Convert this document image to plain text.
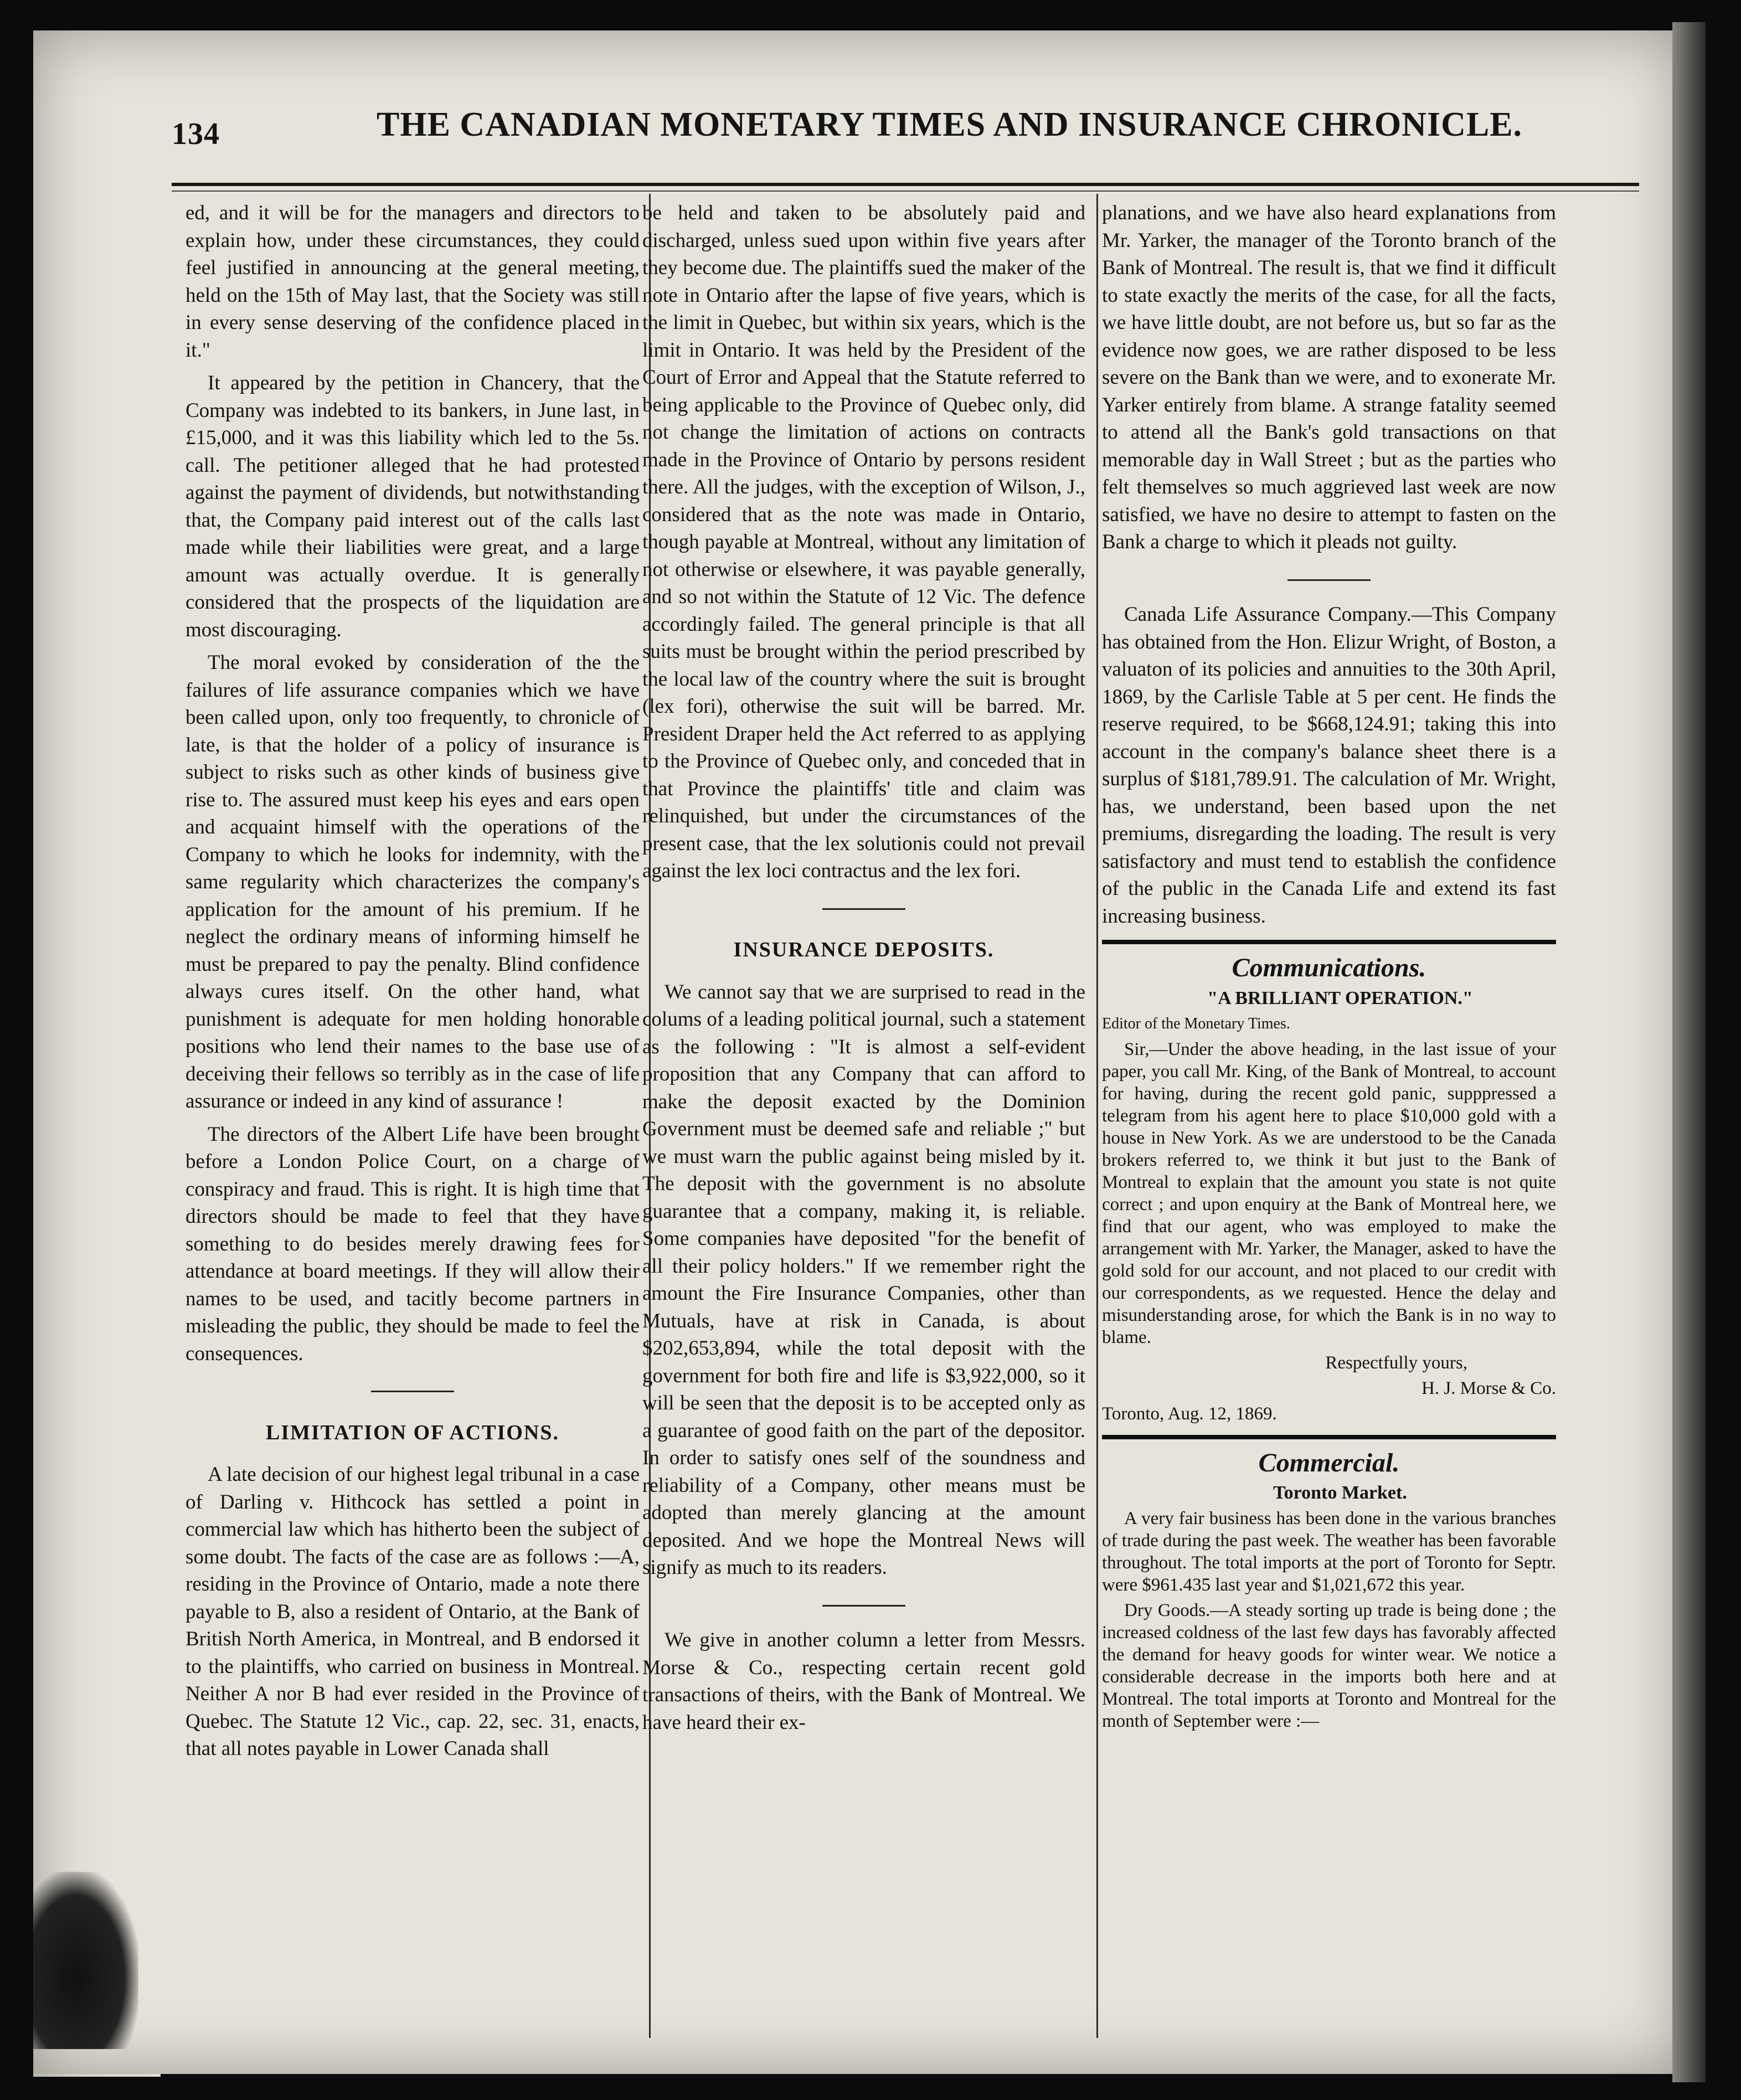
134	THE CANADIAN MONETARY TIMES AND INSURANCE CHRONICLE.

ed, and it will be for the managers and directors to explain how, under these circumstances, they could feel justified in announcing at the general meeting, held on the 15th of May last, that the Society was still in every sense deserving of the confidence placed in it."

It appeared by the petition in Chancery, that the Company was indebted to its bankers, in June last, in £15,000, and it was this liability which led to the 5s. call. The petitioner alleged that he had protested against the payment of dividends, but notwithstanding that, the Company paid interest out of the calls last made while their liabilities were great, and a large amount was actually overdue. It is generally considered that the prospects of the liquidation are most discouraging.

The moral evoked by consideration of the the failures of life assurance companies which we have been called upon, only too frequently, to chronicle of late, is that the holder of a policy of insurance is subject to risks such as other kinds of business give rise to. The assured must keep his eyes and ears open and acquaint himself with the operations of the Company to which he looks for indemnity, with the same regularity which characterizes the company's application for the amount of his premium. If he neglect the ordinary means of informing himself he must be prepared to pay the penalty. Blind confidence always cures itself. On the other hand, what punishment is adequate for men holding honorable positions who lend their names to the base use of deceiving their fellows so terribly as in the case of life assurance or indeed in any kind of assurance !

The directors of the Albert Life have been brought before a London Police Court, on a charge of conspiracy and fraud. This is right. It is high time that directors should be made to feel that they have something to do besides merely drawing fees for attendance at board meetings. If they will allow their names to be used, and tacitly become partners in misleading the public, they should be made to feel the consequences.

LIMITATION OF ACTIONS.

A late decision of our highest legal tribunal in a case of Darling v. Hithcock has settled a point in commercial law which has hitherto been the subject of some doubt. The facts of the case are as follows :—A, residing in the Province of Ontario, made a note there payable to B, also a resident of Ontario, at the Bank of British North America, in Montreal, and B endorsed it to the plaintiffs, who carried on business in Montreal. Neither A nor B had ever resided in the Province of Quebec. The Statute 12 Vic., cap. 22, sec. 31, enacts, that all notes payable in Lower Canada shall

be held and taken to be absolutely paid and discharged, unless sued upon within five years after they become due. The plaintiffs sued the maker of the note in Ontario after the lapse of five years, which is the limit in Quebec, but within six years, which is the limit in Ontario. It was held by the President of the Court of Error and Appeal that the Statute referred to being applicable to the Province of Quebec only, did not change the limitation of actions on contracts made in the Province of Ontario by persons resident there. All the judges, with the exception of Wilson, J., considered that as the note was made in Ontario, though payable at Montreal, without any limitation of not otherwise or elsewhere, it was payable generally, and so not within the Statute of 12 Vic. The defence accordingly failed. The general principle is that all suits must be brought within the period prescribed by the local law of the country where the suit is brought (lex fori), otherwise the suit will be barred. Mr. President Draper held the Act referred to as applying to the Province of Quebec only, and conceded that in that Province the plaintiffs' title and claim was relinquished, but under the circumstances of the present case, that the lex solutionis could not prevail against the lex loci contractus and the lex fori.

INSURANCE DEPOSITS.

We cannot say that we are surprised to read in the colums of a leading political journal, such a statement as the following : "It is almost a self-evident proposition that any Company that can afford to make the deposit exacted by the Dominion Government must be deemed safe and reliable ;" but we must warn the public against being misled by it. The deposit with the government is no absolute guarantee that a company, making it, is reliable. Some companies have deposited "for the benefit of all their policy holders." If we remember right the amount the Fire Insurance Companies, other than Mutuals, have at risk in Canada, is about $202,653,894, while the total deposit with the government for both fire and life is $3,922,000, so it will be seen that the deposit is to be accepted only as a guarantee of good faith on the part of the depositor. In order to satisfy ones self of the soundness and reliability of a Company, other means must be adopted than merely glancing at the amount deposited. And we hope the Montreal News will signify as much to its readers.

We give in another column a letter from Messrs. Morse & Co., respecting certain recent gold transactions of theirs, with the Bank of Montreal. We have heard their ex-

planations, and we have also heard explanations from Mr. Yarker, the manager of the Toronto branch of the Bank of Montreal. The result is, that we find it difficult to state exactly the merits of the case, for all the facts, we have little doubt, are not before us, but so far as the evidence now goes, we are rather disposed to be less severe on the Bank than we were, and to exonerate Mr. Yarker entirely from blame. A strange fatality seemed to attend all the Bank's gold transactions on that memorable day in Wall Street ; but as the parties who felt themselves so much aggrieved last week are now satisfied, we have no desire to attempt to fasten on the Bank a charge to which it pleads not guilty.

Canada Life Assurance Company.—This Company has obtained from the Hon. Elizur Wright, of Boston, a valuaton of its policies and annuities to the 30th April, 1869, by the Carlisle Table at 5 per cent. He finds the reserve required, to be $668,124.91; taking this into account in the company's balance sheet there is a surplus of $181,789.91. The calculation of Mr. Wright, has, we understand, been based upon the net premiums, disregarding the loading. The result is very satisfactory and must tend to establish the confidence of the public in the Canada Life and extend its fast increasing business.

Communications.

"A BRILLIANT OPERATION."

Editor of the Monetary Times.

Sir,—Under the above heading, in the last issue of your paper, you call Mr. King, of the Bank of Montreal, to account for having, during the recent gold panic, supppressed a telegram from his agent here to place $10,000 gold with a house in New York. As we are understood to be the Canada brokers referred to, we think it but just to the Bank of Montreal to explain that the amount you state is not quite correct ; and upon enquiry at the Bank of Montreal here, we find that our agent, who was employed to make the arrangement with Mr. Yarker, the Manager, asked to have the gold sold for our account, and not placed to our credit with our correspondents, as we requested. Hence the delay and misunderstanding arose, for which the Bank is in no way to blame.

Respectfully yours,

H. J. Morse & Co.

Toronto, Aug. 12, 1869.

Commercial.

Toronto Market.

A very fair business has been done in the various branches of trade during the past week. The weather has been favorable throughout. The total imports at the port of Toronto for Septr. were $961.435 last year and $1,021,672 this year.

Dry Goods.—A steady sorting up trade is being done ; the increased coldness of the last few days has favorably affected the demand for heavy goods for winter wear. We notice a considerable decrease in the imports both here and at Montreal. The total imports at Toronto and Montreal for the month of September were :—
